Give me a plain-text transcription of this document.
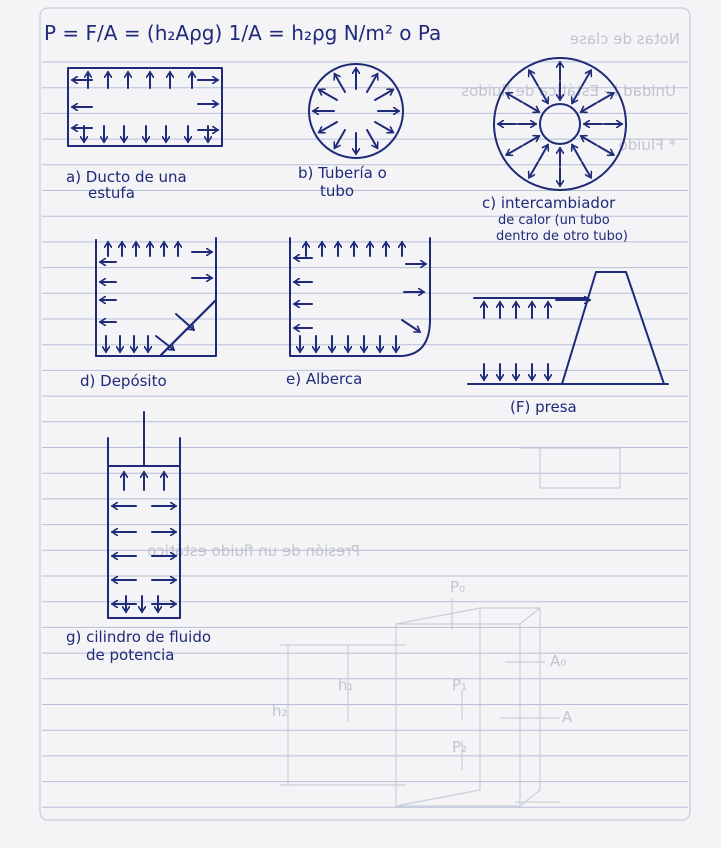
Notas de clase
Unidad I - Estática de fluidos
* Fluido
Presión de un fluido estático
P₀
A₀
h₁
h₂
P₁
P₂
A
P = F/A = (h₂Aρg) 1/A = h₂ρg N/m² o Pa
a) Ducto de una
estufa
b) Tubería o
tubo
c) intercambiador
de calor (un tubo
dentro de otro tubo)
d) Depósito	e) Alberca
(F) presa
g) cilindro de fluido
de potencia
